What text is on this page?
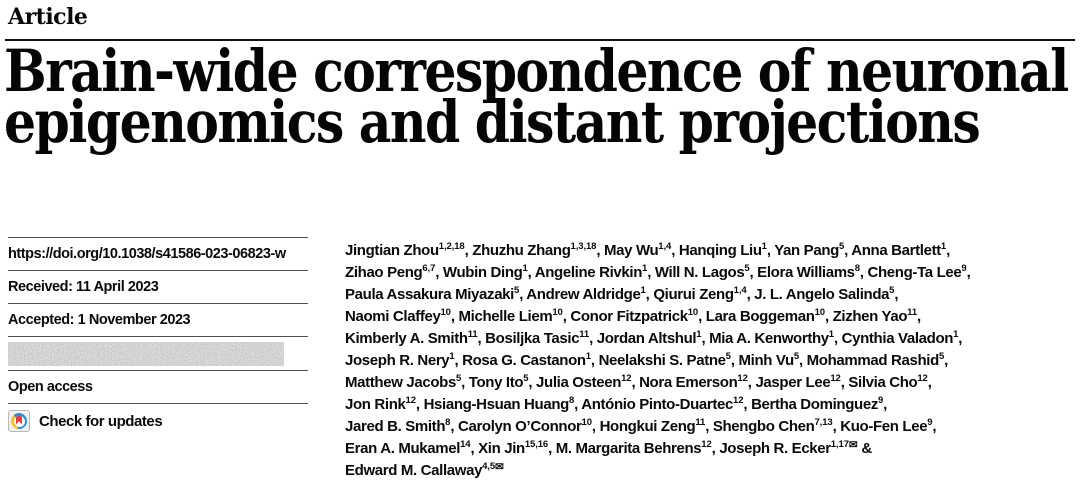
Article
Brain-wide correspondence of neuronal
epigenomics and distant projections
https://doi.org/10.1038/s41586-023-06823-w
Received: 11 April 2023
Accepted: 1 November 2023
Open access
Check for updates
Jingtian Zhou$^{1,2,18}$, Zhuzhu Zhang$^{1,3,18}$, May Wu$^{1,4}$, Hanqing Liu$^1$, Yan Pang$^5$, Anna Bartlett$^1$,
Zihao Peng$^{6,7}$, Wubin Ding$^1$, Angeline Rivkin$^1$, Will N. Lagos$^5$, Elora Williams$^8$, Cheng-Ta Lee$^9$,
Paula Assakura Miyazaki$^5$, Andrew Aldridge$^1$, Qiurui Zeng$^{1,4}$, J. L. Angelo Salinda$^5$,
Naomi Claffey$^{10}$, Michelle Liem$^{10}$, Conor Fitzpatrick$^{10}$, Lara Boggeman$^{10}$, Zizhen Yao$^{11}$,
Kimberly A. Smith$^{11}$, Bosiljka Tasic$^{11}$, Jordan Altshul$^1$, Mia A. Kenworthy$^1$, Cynthia Valadon$^1$,
Joseph R. Nery$^1$, Rosa G. Castanon$^1$, Neelakshi S. Patne$^5$, Minh Vu$^5$, Mohammad Rashid$^5$,
Matthew Jacobs$^5$, Tony Ito$^5$, Julia Osteen$^{12}$, Nora Emerson$^{12}$, Jasper Lee$^{12}$, Silvia Cho$^{12}$,
Jon Rink$^{12}$, Hsiang-Hsuan Huang$^8$, António Pinto-Duartec$^{12}$, Bertha Dominguez$^9$,
Jared B. Smith$^8$, Carolyn O’Connor$^{10}$, Hongkui Zeng$^{11}$, Shengbo Chen$^{7,13}$, Kuo-Fen Lee$^9$,
Eran A. Mukamel$^{14}$, Xin Jin$^{15,16}$, M. Margarita Behrens$^{12}$, Joseph R. Ecker$^{1,17✉}$ &
Edward M. Callaway$^{4,5✉}$
